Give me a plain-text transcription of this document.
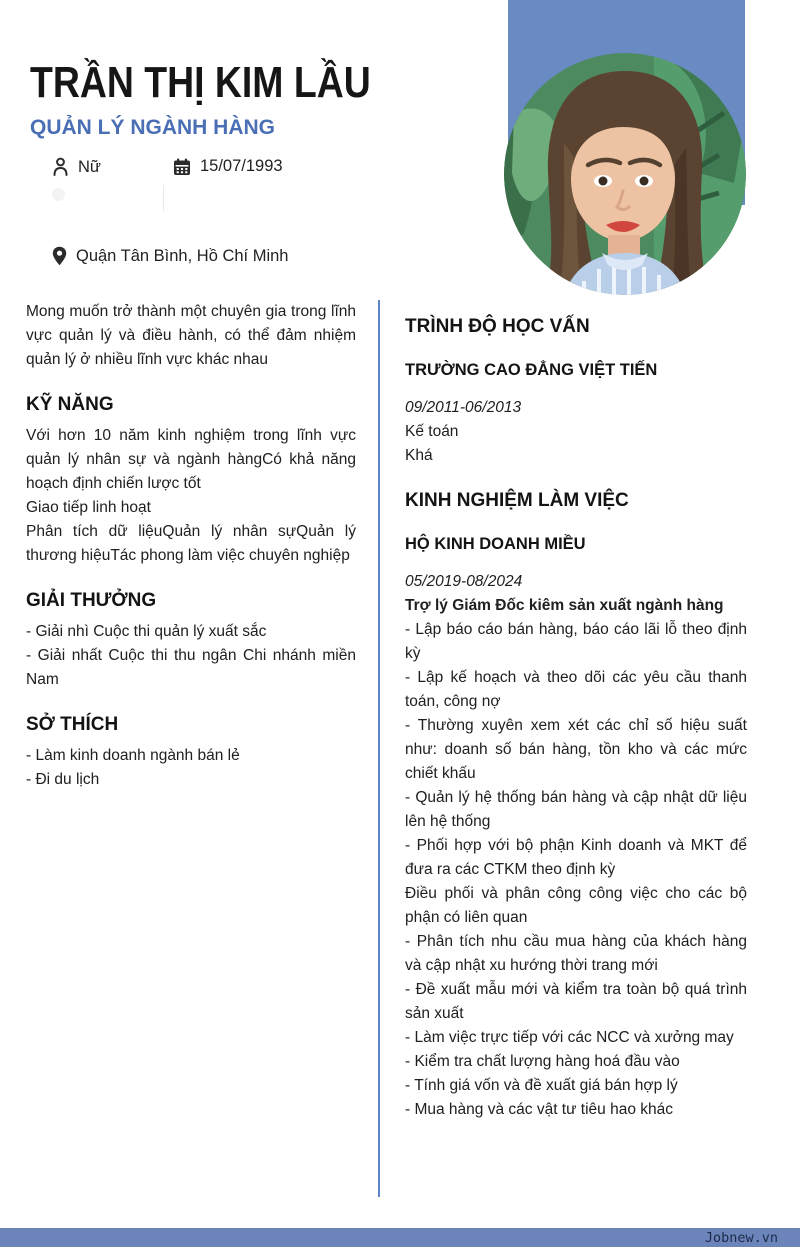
TRẦN THỊ KIM LẦU
QUẢN LÝ NGÀNH HÀNG
Nữ	15/07/1993
Quận Tân Bình, Hồ Chí Minh

Mong muốn trở thành một chuyên gia trong lĩnh vực quản lý và điều hành, có thể đảm nhiệm quản lý ở nhiều lĩnh vực khác nhau

KỸ NĂNG

Với hơn 10 năm kinh nghiệm trong lĩnh vực quản lý nhân sự và ngành hàngCó khả năng hoạch định chiến lược tốt

Giao tiếp linh hoạt

Phân tích dữ liệuQuản lý nhân sựQuản lý thương hiệuTác phong làm việc chuyên nghiệp

GIẢI THƯỞNG

- Giải nhì Cuộc thi quản lý xuất sắc

- Giải nhất Cuộc thi thu ngân Chi nhánh miền Nam

SỞ THÍCH

- Làm kinh doanh ngành bán lẻ

- Đi du lịch

TRÌNH ĐỘ HỌC VẤN
TRƯỜNG CAO ĐẲNG VIỆT TIẾN

09/2011-06/2013

Kế toán

Khá

KINH NGHIỆM LÀM VIỆC
HỘ KINH DOANH MIỀU

05/2019-08/2024

Trợ lý Giám Đốc kiêm sản xuất ngành hàng

- Lập báo cáo bán hàng, báo cáo lãi lỗ theo định kỳ

- Lập kế hoạch và theo dõi các yêu cầu thanh toán, công nợ

- Thường xuyên xem xét các chỉ số hiệu suất như: doanh số bán hàng, tồn kho và các mức chiết khấu

- Quản lý hệ thống bán hàng và cập nhật dữ liệu lên hệ thống

- Phối hợp với bộ phận Kinh doanh và MKT để đưa ra các CTKM theo định kỳ

Điều phối và phân công công việc cho các bộ phận có liên quan

- Phân tích nhu cầu mua hàng của khách hàng và cập nhật xu hướng thời trang mới

- Đề xuất mẫu mới và kiểm tra toàn bộ quá trình sản xuất

- Làm việc trực tiếp với các NCC và xưởng may

- Kiểm tra chất lượng hàng hoá đầu vào

- Tính giá vốn và đề xuất giá bán hợp lý

- Mua hàng và các vật tư tiêu hao khác

Jobnew.vn
